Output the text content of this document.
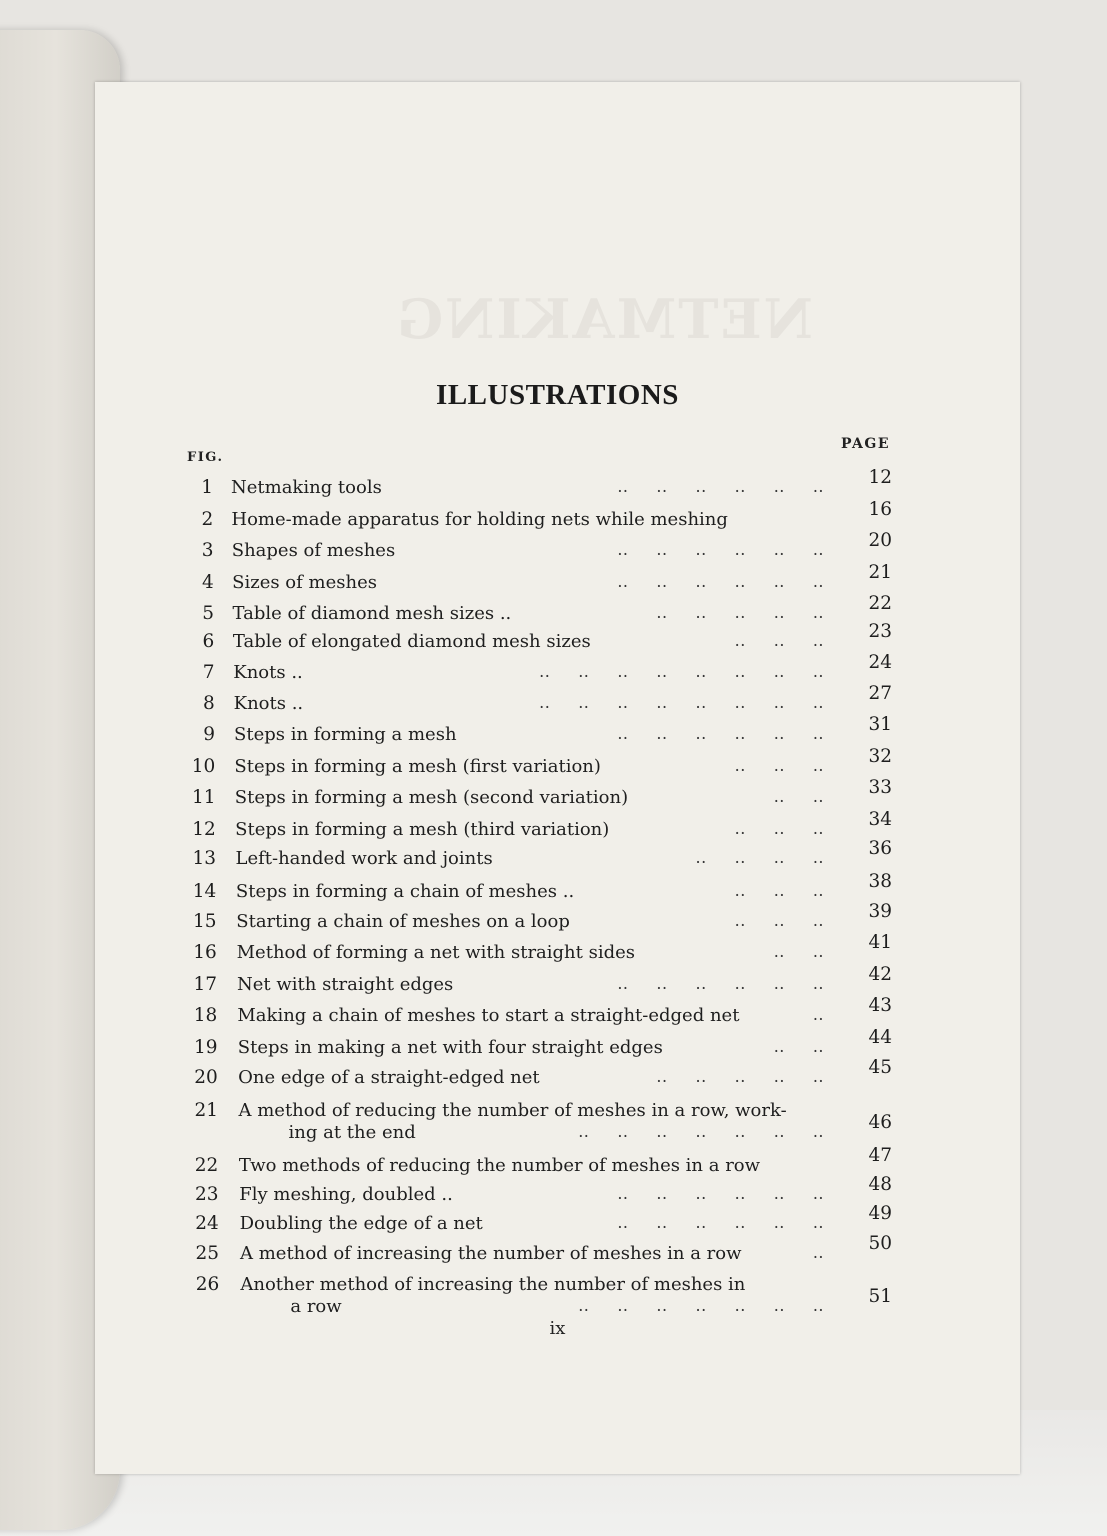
NETMAKING
ILLUSTRATIONS
PAGE
FIG.
1 Netmaking tools	..     ..     ..     ..     ..     ..	12
2 Home-made apparatus for holding nets while meshing	16
3 Shapes of meshes	..     ..     ..     ..     ..     ..	20
4 Sizes of meshes	..     ..     ..     ..     ..     ..	21
5 Table of diamond mesh sizes ..	..     ..     ..     ..     ..	22
6 Table of elongated diamond mesh sizes	..     ..     ..	23
7 Knots ..	..     ..     ..     ..     ..     ..     ..     ..	24
8 Knots ..	..     ..     ..     ..     ..     ..     ..     ..	27
9 Steps in forming a mesh	..     ..     ..     ..     ..     ..	31
10 Steps in forming a mesh (first variation)	..     ..     ..	32
11 Steps in forming a mesh (second variation)	..     ..	33
12 Steps in forming a mesh (third variation)	..     ..     ..	34
13 Left-handed work and joints	..     ..     ..     ..	36
14 Steps in forming a chain of meshes ..	..     ..     ..	38
15 Starting a chain of meshes on a loop	..     ..     ..	39
16 Method of forming a net with straight sides	..     ..	41
17 Net with straight edges	..     ..     ..     ..     ..     ..	42
18 Making a chain of meshes to start a straight-edged net	..	43
19 Steps in making a net with four straight edges	..     ..	44
20 One edge of a straight-edged net	..     ..     ..     ..     ..	45
21 A method of reducing the number of meshes in a row, work-
ing at the end	..     ..     ..     ..     ..     ..     ..	46
22 Two methods of reducing the number of meshes in a row	47
23 Fly meshing, doubled ..	..     ..     ..     ..     ..     ..	48
24 Doubling the edge of a net	..     ..     ..     ..     ..     ..	49
25 A method of increasing the number of meshes in a row	..	50
26 Another method of increasing the number of meshes in
a row	..     ..     ..     ..     ..     ..     ..	51
ix
